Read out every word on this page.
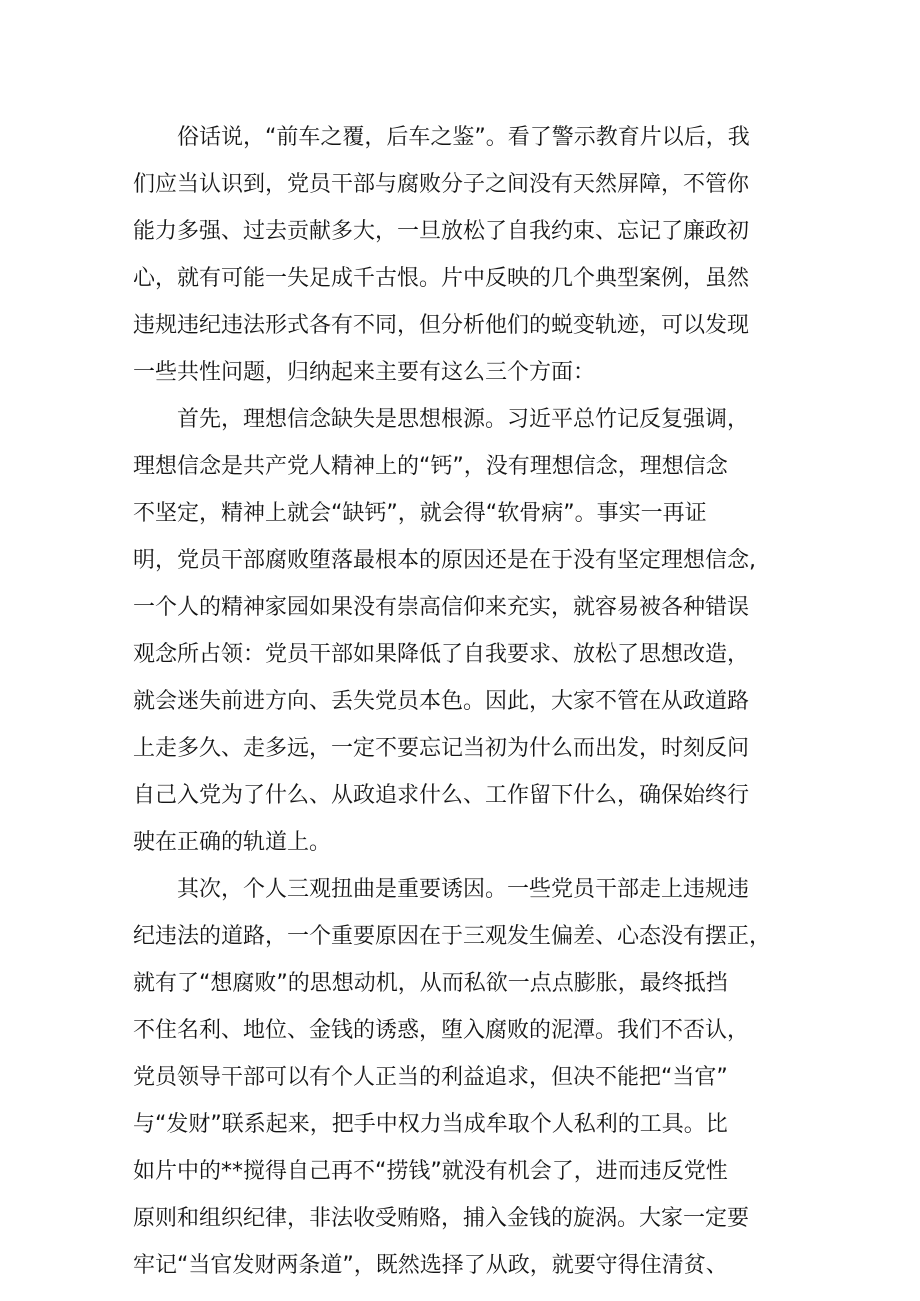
俗话说，“前车之覆，后车之鉴”。看了警示教育片以后，我
们应当认识到，党员干部与腐败分子之间没有天然屏障，不管你
能力多强、过去贡献多大，一旦放松了自我约束、忘记了廉政初
心，就有可能一失足成千古恨。片中反映的几个典型案例，虽然
违规违纪违法形式各有不同，但分析他们的蜕变轨迹，可以发现
一些共性问题，归纳起来主要有这么三个方面：
首先，理想信念缺失是思想根源。习近平总竹记反复强调，
理想信念是共产党人精神上的“钙”，没有理想信念，理想信念
不坚定，精神上就会“缺钙”，就会得“软骨病”。事实一再证
明，党员干部腐败堕落最根本的原因还是在于没有坚定理想信念,
一个人的精神家园如果没有崇高信仰来充实，就容易被各种错误
观念所占领：党员干部如果降低了自我要求、放松了思想改造，
就会迷失前进方向、丢失党员本色。因此，大家不管在从政道路
上走多久、走多远，一定不要忘记当初为什么而出发，时刻反问
自己入党为了什么、从政追求什么、工作留下什么，确保始终行
驶在正确的轨道上。
其次，个人三观扭曲是重要诱因。一些党员干部走上违规违
纪违法的道路，一个重要原因在于三观发生偏差、心态没有摆正，
就有了“想腐败”的思想动机，从而私欲一点点膨胀，最终抵挡
不住名利、地位、金钱的诱惑，堕入腐败的泥潭。我们不否认，
党员领导干部可以有个人正当的利益追求，但决不能把“当官”
与“发财”联系起来，把手中权力当成牟取个人私利的工具。比
如片中的**搅得自己再不“捞钱”就没有机会了，进而违反党性
原则和组织纪律，非法收受贿赂，捕入金钱的旋涡。大家一定要
牢记“当官发财两条道”，既然选择了从政，就要守得住清贫、
